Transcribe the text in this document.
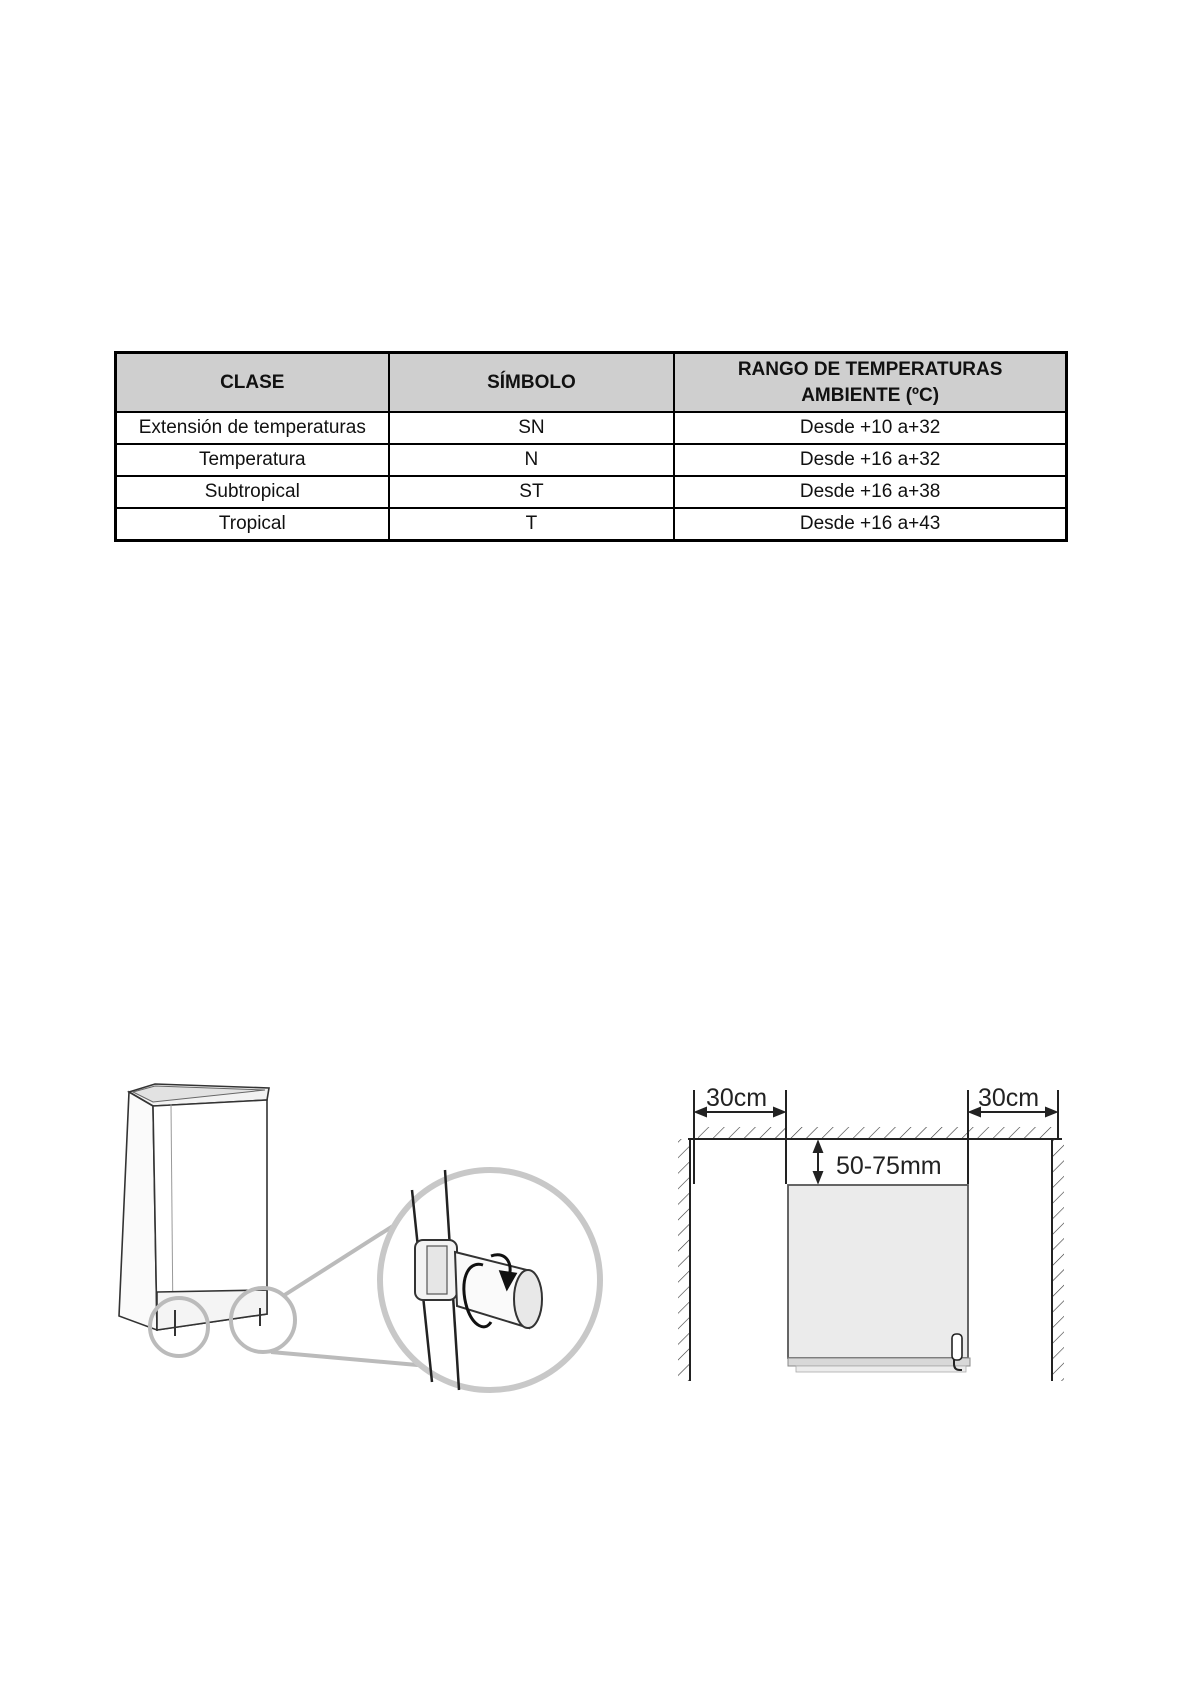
CLASE	SÍMBOLO	RANGO DE TEMPERATURAS
AMBIENTE (ºC)
Extensión de temperaturas	SN	Desde +10 a+32
Temperatura	N	Desde +16 a+32
Subtropical	ST	Desde +16 a+38
Tropical	T	Desde +16 a+43
30cm	30cm
50-75mm
